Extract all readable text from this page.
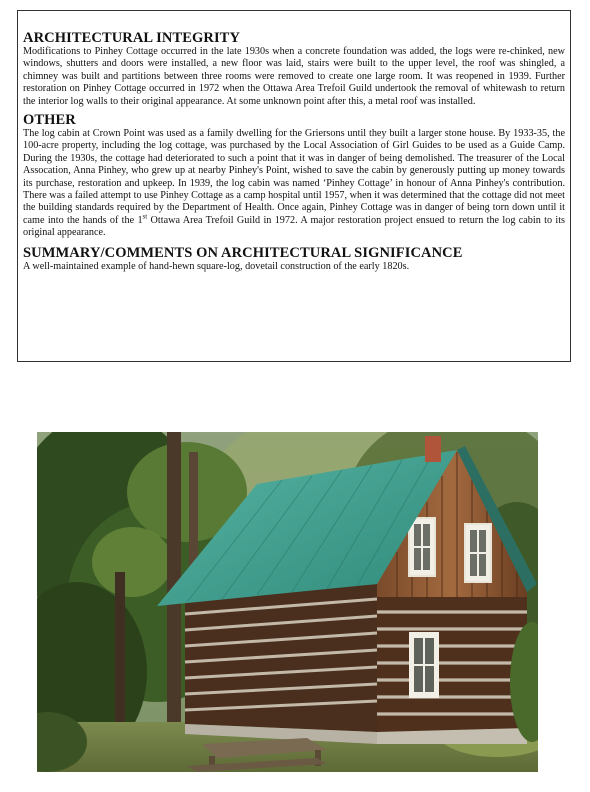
ARCHITECTURAL INTEGRITY

Modifications to Pinhey Cottage occurred in the late 1930s when a concrete foundation was added, the logs were re-chinked, new windows, shutters and doors were installed, a new floor was laid, stairs were built to the upper level, the roof was shingled, a chimney was built and partitions between three rooms were removed to create one large room. It was reopened in 1939. Further restoration on Pinhey Cottage occurred in 1972 when the Ottawa Area Trefoil Guild undertook the removal of whitewash to return the interior log walls to their original appearance. At some unknown point after this, a metal roof was installed.

OTHER

The log cabin at Crown Point was used as a family dwelling for the Griersons until they built a larger stone house. By 1933-35, the 100-acre property, including the log cottage, was purchased by the Local Association of Girl Guides to be used as a Guide Camp. During the 1930s, the cottage had deteriorated to such a point that it was in danger of being demolished. The treasurer of the Local Assocation, Anna Pinhey, who grew up at nearby Pinhey's Point, wished to save the cabin by generously putting up money towards its purchase, restoration and upkeep. In 1939, the log cabin was named ‘Pinhey Cottage’ in honour of Anna Pinhey's contribution. There was a failed attempt to use Pinhey Cottage as a camp hospital until 1957, when it was determined that the cottage did not meet the building standards required by the Department of Health. Once again, Pinhey Cottage was in danger of being torn down until it came into the hands of the 1st Ottawa Area Trefoil Guild in 1972. A major restoration project ensued to return the log cabin to its original appearance.

SUMMARY/COMMENTS ON ARCHITECTURAL SIGNIFICANCE

A well-maintained example of hand-hewn square-log, dovetail construction of the early 1820s.
